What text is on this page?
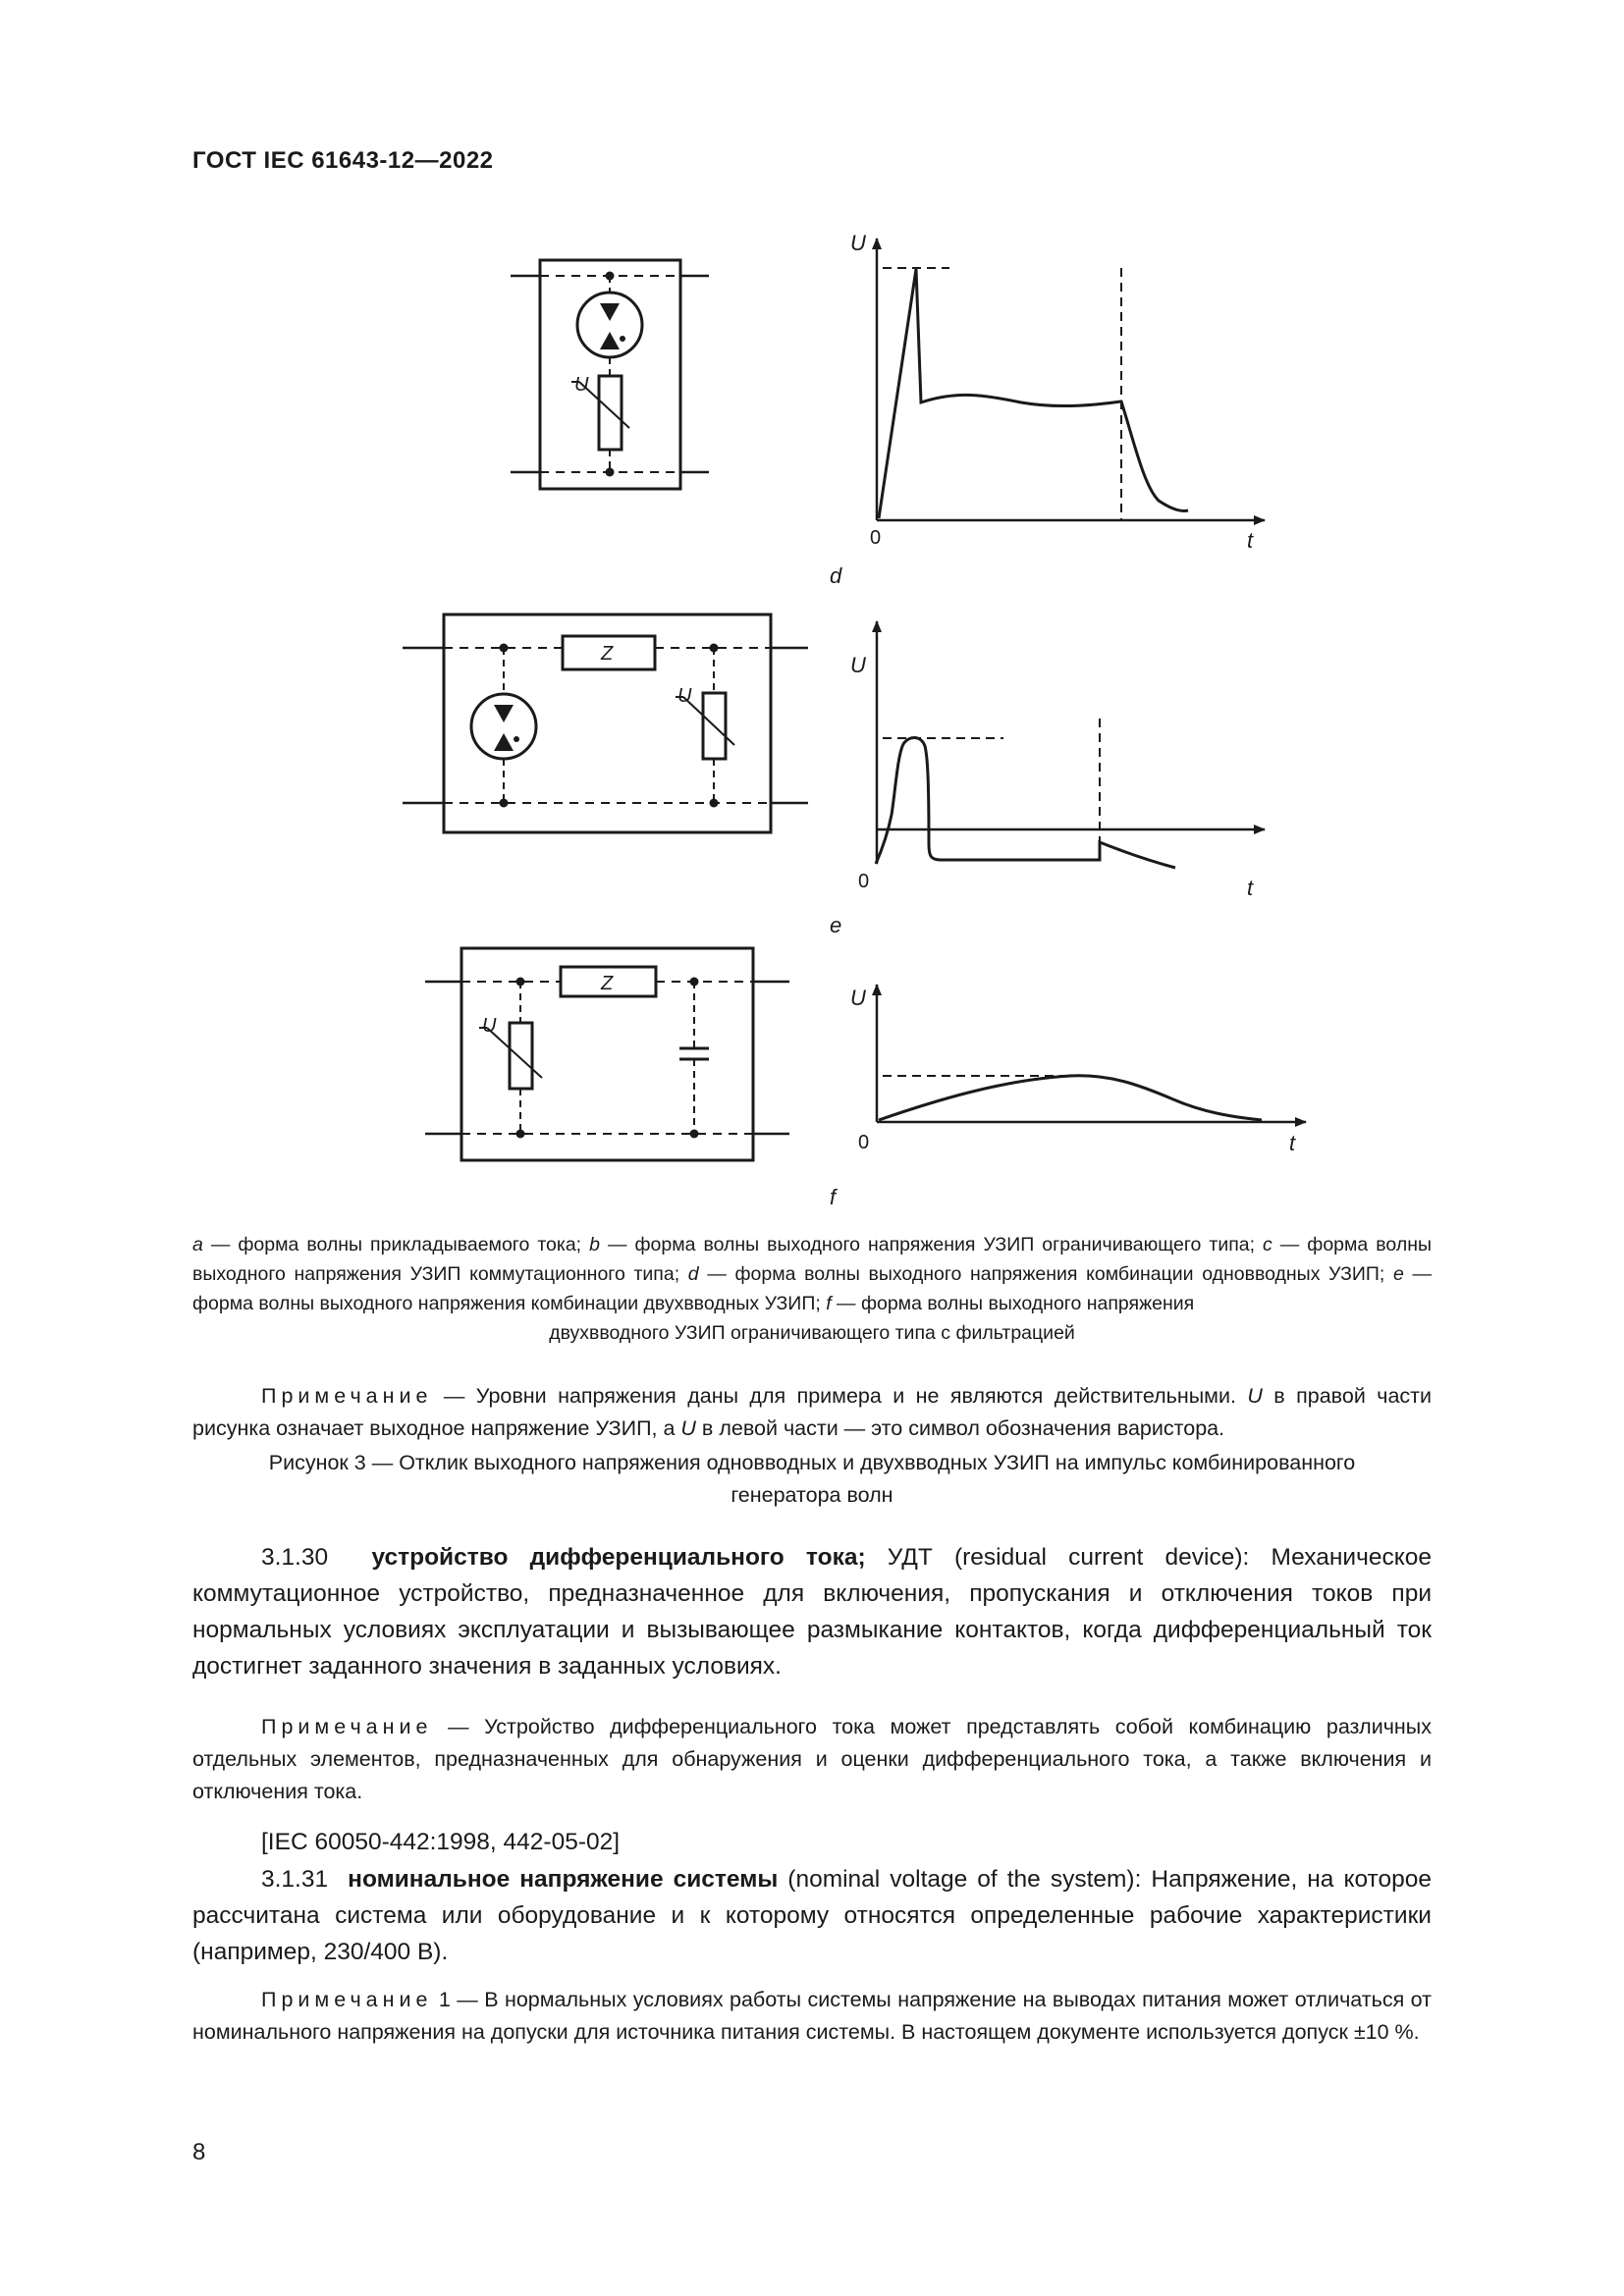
ГОСТ IEC 61643-12—2022
U
U
0	t
d
Z
U
U
0	t
e
Z
U
U
0	t
f
a — форма волны прикладываемого тока; b — форма волны выходного напряжения УЗИП ограничивающего типа; c — форма волны выходного напряжения УЗИП коммутационного типа; d — форма волны выходного напряжения комбинации одновводных УЗИП; e — форма волны выходного напряжения комбинации двухвводных УЗИП; f — форма волны выходного напряжения
двухвводного УЗИП ограничивающего типа с фильтрацией
Примечание — Уровни напряжения даны для примера и не являются действительными. U в правой части рисунка означает выходное напряжение УЗИП, а U в левой части — это символ обозначения варистора.
Рисунок 3 — Отклик выходного напряжения одновводных и двухвводных УЗИП на импульс комбинированного
генератора волн
3.1.30 устройство дифференциального тока; УДТ (residual current device): Механическое коммутационное устройство, предназначенное для включения, пропускания и отключения токов при нормальных условиях эксплуатации и вызывающее размыкание контактов, когда дифференциальный ток достигнет заданного значения в заданных условиях.
Примечание — Устройство дифференциального тока может представлять собой комбинацию различных отдельных элементов, предназначенных для обнаружения и оценки дифференциального тока, а также включения и отключения тока.
[IEC 60050-442:1998, 442-05-02]
3.1.31 номинальное напряжение системы (nominal voltage of the system): Напряжение, на которое рассчитана система или оборудование и к которому относятся определенные рабочие характеристики (например, 230/400 В).
Примечание 1 — В нормальных условиях работы системы напряжение на выводах питания может отличаться от номинального напряжения на допуски для источника питания системы. В настоящем документе используется допуск ±10 %.
8
